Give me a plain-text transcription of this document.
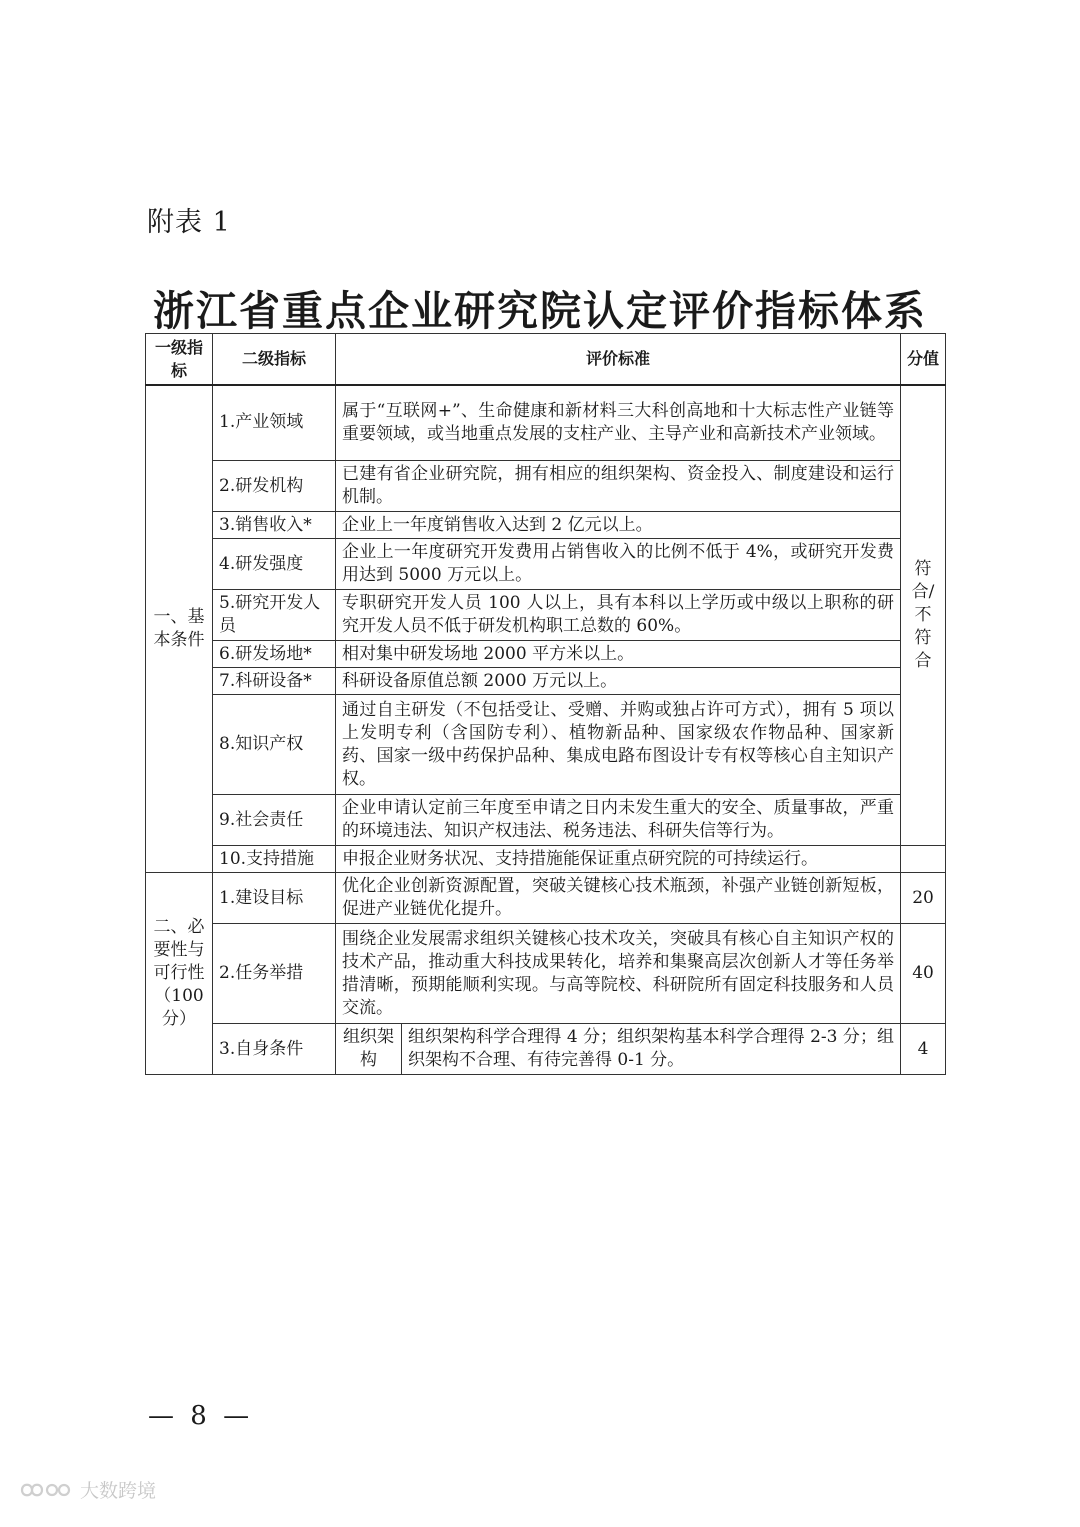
附表 1
浙江省重点企业研究院认定评价指标体系
一级指标	二级指标	评价标准		分值
一、基本条件	1.产业领域	属于“互联网+”、生命健康和新材料三大科创高地和十大标志性产业链等重要领域，或当地重点发展的支柱产业、主导产业和高新技术产业领域。		符合/不符合
	2.研发机构	已建有省企业研究院，拥有相应的组织架构、资金投入、制度建设和运行机制。		
	3.销售收入*	企业上一年度销售收入达到 2 亿元以上。		
	4.研发强度	企业上一年度研究开发费用占销售收入的比例不低于 4%，或研究开发费用达到 5000 万元以上。		
	5.研究开发人员	专职研究开发人员 100 人以上，具有本科以上学历或中级以上职称的研究开发人员不低于研发机构职工总数的 60%。		
	6.研发场地*	相对集中研发场地 2000 平方米以上。		
	7.科研设备*	科研设备原值总额 2000 万元以上。		
	8.知识产权	通过自主研发（不包括受让、受赠、并购或独占许可方式），拥有 5 项以上发明专利（含国防专利）、植物新品种、国家级农作物品种、国家新药、国家一级中药保护品种、集成电路布图设计专有权等核心自主知识产权。		
	9.社会责任	企业申请认定前三年度至申请之日内未发生重大的安全、质量事故，严重的环境违法、知识产权违法、税务违法、科研失信等行为。		
	10.支持措施	申报企业财务状况、支持措施能保证重点研究院的可持续运行。		
二、必要性与可行性（100 分）	1.建设目标	优化企业创新资源配置，突破关键核心技术瓶颈，补强产业链创新短板，促进产业链优化提升。		20
	2.任务举措	围绕企业发展需求组织关键核心技术攻关，突破具有核心自主知识产权的技术产品，推动重大科技成果转化，培养和集聚高层次创新人才等任务举措清晰，预期能顺利实现。与高等院校、科研院所有固定科技服务和人员交流。		40
	3.自身条件	组织架构	组织架构科学合理得 4 分；组织架构基本科学合理得 2-3 分；组织架构不合理、有待完善得 0-1 分。	4
— 8 —
大数跨境
